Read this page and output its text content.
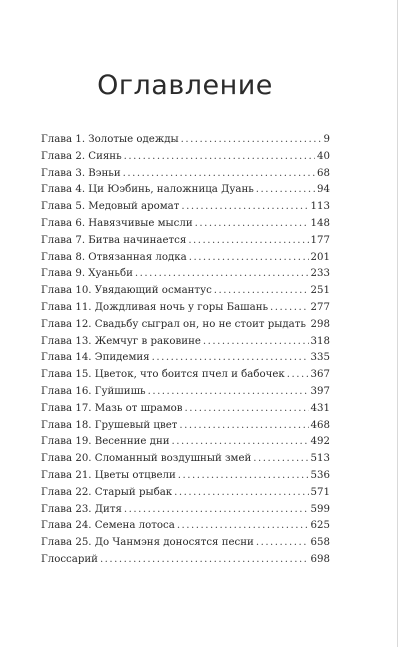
Оглавление
Глава 1. Золотые одежды .....	9
Глава 2. Сиянь .....	40
Глава 3. Вэньи .....	68
Глава 4. Ци Юэбинь, наложница Дуань .....	94
Глава 5. Медовый аромат .....	113
Глава 6. Навязчивые мысли .....	148
Глава 7. Битва начинается .....	177
Глава 8. Отвязанная лодка .....	201
Глава 9. Хуаньби .....	233
Глава 10. Увядающий османтус .....	251
Глава 11. Дождливая ночь у горы Башань .....	277
Глава 12. Свадьбу сыграл он, но не стоит рыдать ..... 298
Глава 13. Жемчуг в раковине .....	318
Глава 14. Эпидемия .....	335
Глава 15. Цветок, что боится пчел и бабочек .....	367
Глава 16. Гуйшишь .....	397
Глава 17. Мазь от шрамов .....	431
Глава 18. Грушевый цвет .....	468
Глава 19. Весенние дни .....	492
Глава 20. Сломанный воздушный змей .....	513
Глава 21. Цветы отцвели .....	536
Глава 22. Старый рыбак .....	571
Глава 23. Дитя .....	599
Глава 24. Семена лотоса .....	625
Глава 25. До Чанмэня доносятся песни .....	658
Глоссарий .....	698
